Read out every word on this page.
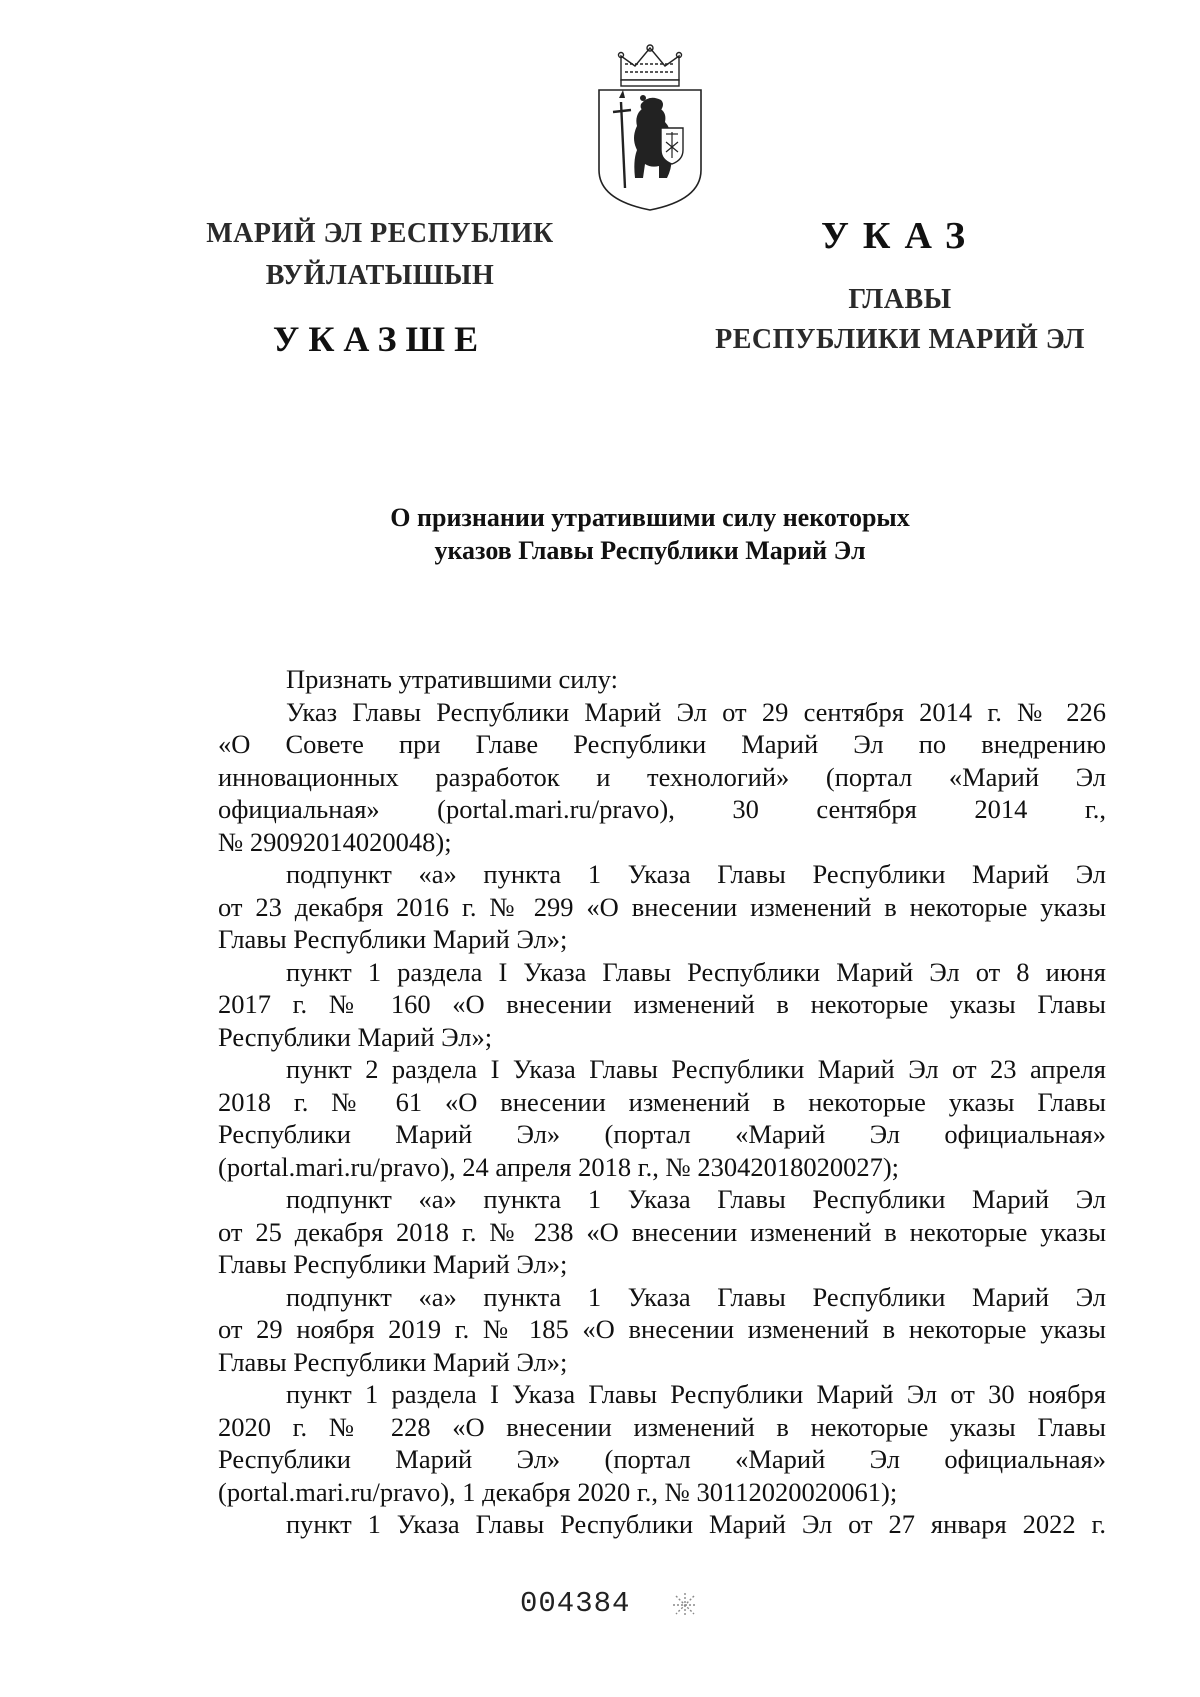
МАРИЙ ЭЛ РЕСПУБЛИК
ВУЙЛАТЫШЫН
УКАЗШЕ
УКАЗ
ГЛАВЫ
РЕСПУБЛИКИ МАРИЙ ЭЛ
О признании утратившими силу некоторых
указов Главы Республики Марий Эл
Признать утратившими силу:
Указ Главы Республики Марий Эл от 29 сентября 2014 г. № 226
«О Совете при Главе Республики Марий Эл по внедрению
инновационных разработок и технологий» (портал «Марий Эл
официальная» (portal.mari.ru/pravo), 30 сентября 2014 г.,
№ 29092014020048);
подпункт «а» пункта 1 Указа Главы Республики Марий Эл
от 23 декабря 2016 г. № 299 «О внесении изменений в некоторые указы
Главы Республики Марий Эл»;
пункт 1 раздела I Указа Главы Республики Марий Эл от 8 июня
2017 г. № 160 «О внесении изменений в некоторые указы Главы
Республики Марий Эл»;
пункт 2 раздела I Указа Главы Республики Марий Эл от 23 апреля
2018 г. № 61 «О внесении изменений в некоторые указы Главы
Республики Марий Эл» (портал «Марий Эл официальная»
(portal.mari.ru/pravo), 24 апреля 2018 г., № 23042018020027);
подпункт «а» пункта 1 Указа Главы Республики Марий Эл
от 25 декабря 2018 г. № 238 «О внесении изменений в некоторые указы
Главы Республики Марий Эл»;
подпункт «а» пункта 1 Указа Главы Республики Марий Эл
от 29 ноября 2019 г. № 185 «О внесении изменений в некоторые указы
Главы Республики Марий Эл»;
пункт 1 раздела I Указа Главы Республики Марий Эл от 30 ноября
2020 г. № 228 «О внесении изменений в некоторые указы Главы
Республики Марий Эл» (портал «Марий Эл официальная»
(portal.mari.ru/pravo), 1 декабря 2020 г., № 30112020020061);
пункт 1 Указа Главы Республики Марий Эл от 27 января 2022 г.
004384
